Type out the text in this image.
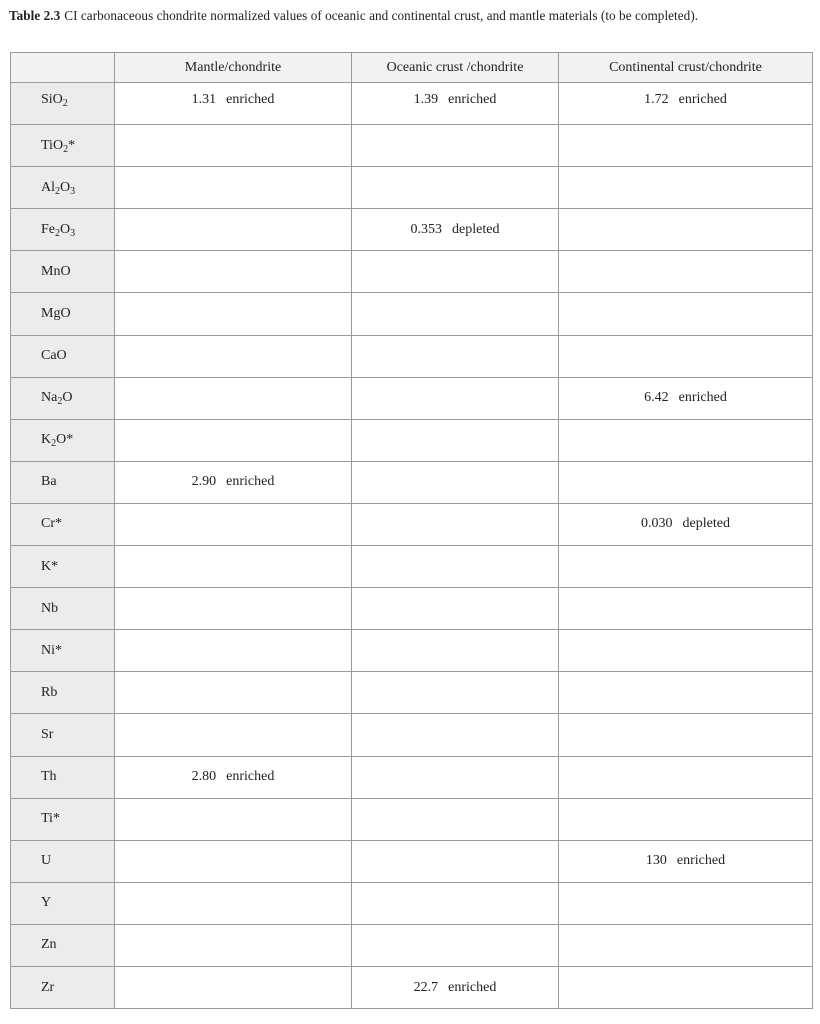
Table 2.3 CI carbonaceous chondrite normalized values of oceanic and continental crust, and mantle materials (to be completed).
	Mantle/chondrite	Oceanic crust /chondrite	Continental crust/chondrite
SiO$_2$	1.31 enriched	1.39 enriched	1.72 enriched
TiO$_2$*			
$Al_2O_3$			
$Fe_2O_3$		0.353 depleted	
MnO			
MgO			
CaO			
$Na_2O$			6.42 enriched
$K_2O*$			
Ba	2.90 enriched		
Cr*			0.030 depleted
K*			
Nb			
Ni*			
Rb			
Sr			
Th	2.80 enriched		
Ti*			
U			130 enriched
Y			
Zn			
Zr		22.7 enriched	
